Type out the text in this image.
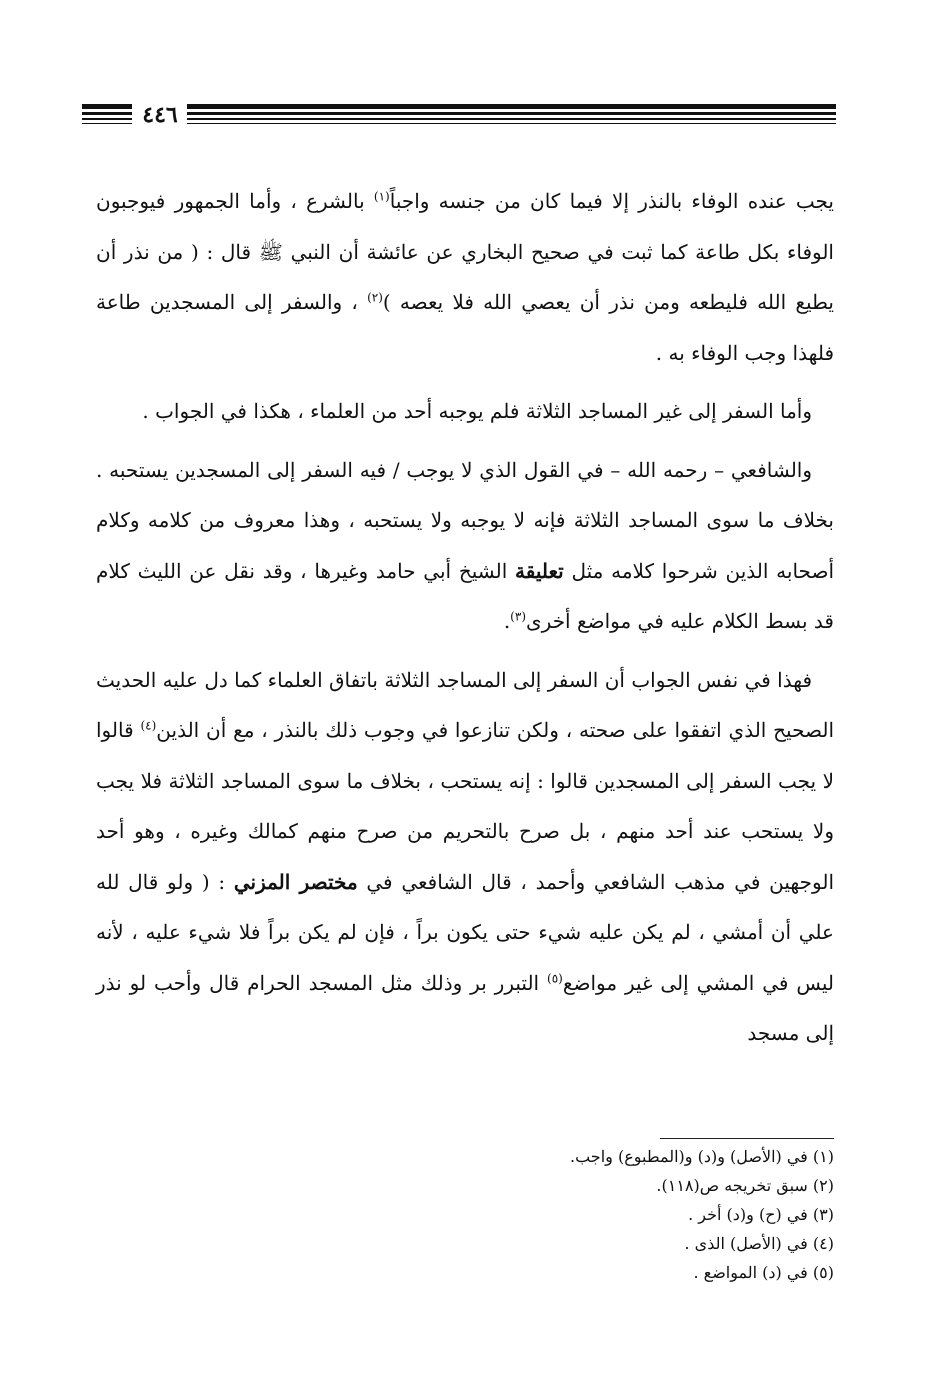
٤٤٦

يجب عنده الوفاء بالنذر إلا فيما كان من جنسه واجباً$^{(١)}$ بالشرع ، وأما الجمهور فيوجبون الوفاء بكل طاعة كما ثبت في صحيح البخاري عن عائشة أن النبي ﷺ قال : ( من نذر أن يطيع الله فليطعه ومن نذر أن يعصي الله فلا يعصه )$^{(٢)}$ ، والسفر إلى المسجدين طاعة فلهذا وجب الوفاء به .

وأما السفر إلى غير المساجد الثلاثة فلم يوجبه أحد من العلماء ، هكذا في الجواب .

والشافعي – رحمه الله – في القول الذي لا يوجب / فيه السفر إلى المسجدين يستحبه . بخلاف ما سوى المساجد الثلاثة فإنه لا يوجبه ولا يستحبه ، وهذا معروف من كلامه وكلام أصحابه الذين شرحوا كلامه مثل تعليقة الشيخ أبي حامد وغيرها ، وقد نقل عن الليث كلام قد بسط الكلام عليه في مواضع أخرى$^{(٣)}$.

فهذا في نفس الجواب أن السفر إلى المساجد الثلاثة باتفاق العلماء كما دل عليه الحديث الصحيح الذي اتفقوا على صحته ، ولكن تنازعوا في وجوب ذلك بالنذر ، مع أن الذين$^{(٤)}$ قالوا لا يجب السفر إلى المسجدين قالوا : إنه يستحب ، بخلاف ما سوى المساجد الثلاثة فلا يجب ولا يستحب عند أحد منهم ، بل صرح بالتحريم من صرح منهم كمالك وغيره ، وهو أحد الوجهين في مذهب الشافعي وأحمد ، قال الشافعي في مختصر المزني : ( ولو قال لله علي أن أمشي ، لم يكن عليه شيء حتى يكون براً ، فإن لم يكن براً فلا شيء عليه ، لأنه ليس في المشي إلى غير مواضع$^{(٥)}$ التبرر بر وذلك مثل المسجد الحرام قال وأحب لو نذر إلى مسجد

(١) في (الأصل) و(د) و(المطبوع) واجب.
(٢) سبق تخريجه ص(١١٨).
(٣) في (ح) و(د) أخر .
(٤) في (الأصل) الذى .
(٥) في (د) المواضع .
